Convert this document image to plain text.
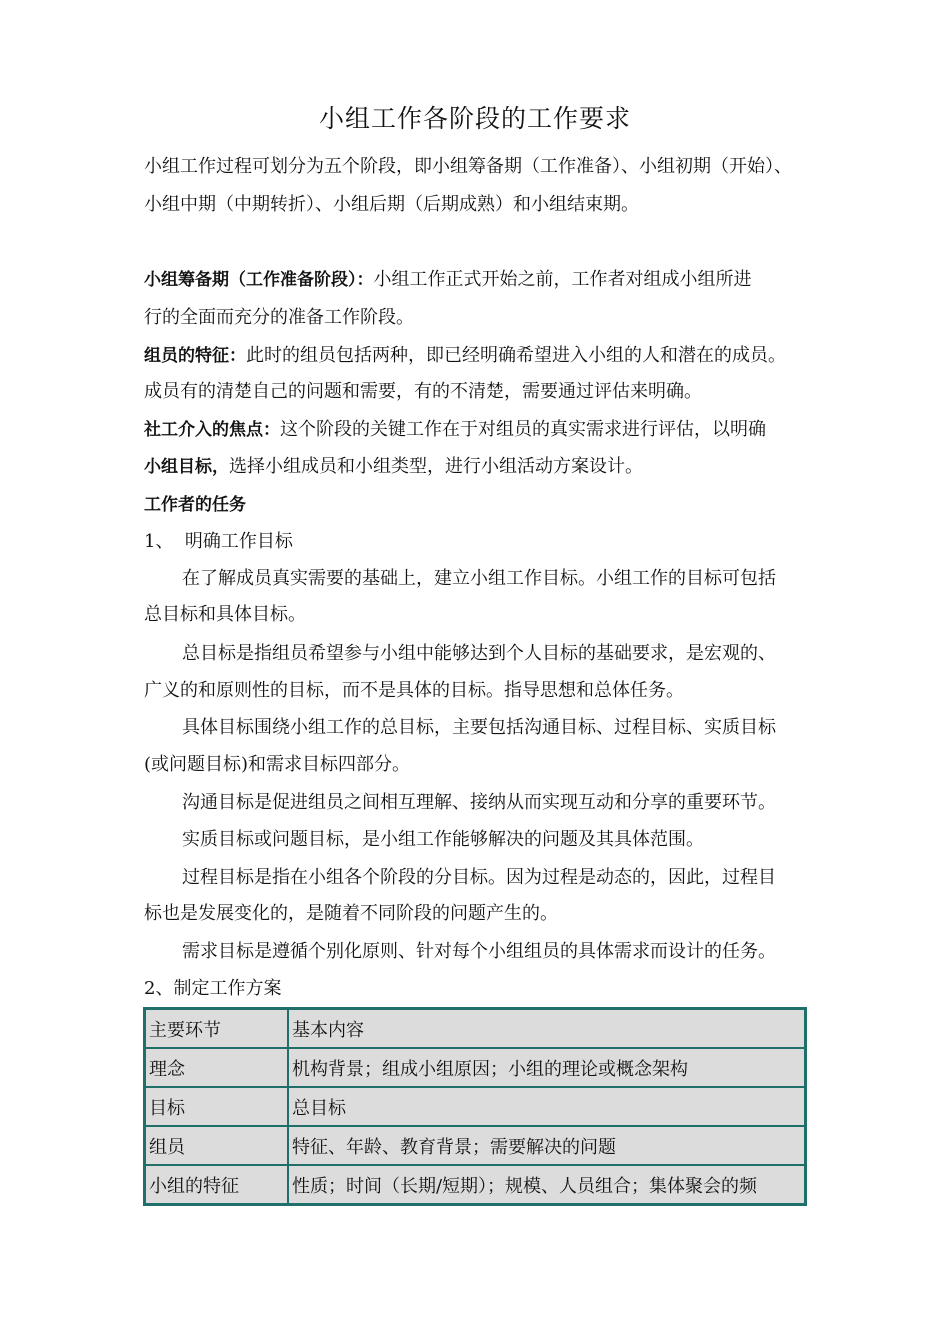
小组工作各阶段的工作要求
小组工作过程可划分为五个阶段，即小组筹备期（工作准备）、小组初期（开始）、
小组中期（中期转折）、小组后期（后期成熟）和小组结束期。
小组筹备期（工作准备阶段）：小组工作正式开始之前，工作者对组成小组所进
行的全面而充分的准备工作阶段。
组员的特征：此时的组员包括两种，即已经明确希望进入小组的人和潜在的成员。
成员有的清楚自己的问题和需要，有的不清楚，需要通过评估来明确。
社工介入的焦点：这个阶段的关键工作在于对组员的真实需求进行评估，以明确
小组目标，选择小组成员和小组类型，进行小组活动方案设计。
工作者的任务
1、  明确工作目标
在了解成员真实需要的基础上，建立小组工作目标。小组工作的目标可包括
总目标和具体目标。
总目标是指组员希望参与小组中能够达到个人目标的基础要求，是宏观的、
广义的和原则性的目标，而不是具体的目标。指导思想和总体任务。
具体目标围绕小组工作的总目标，主要包括沟通目标、过程目标、实质目标
(或问题目标)和需求目标四部分。
沟通目标是促进组员之间相互理解、接纳从而实现互动和分享的重要环节。
实质目标或问题目标，是小组工作能够解决的问题及其具体范围。
过程目标是指在小组各个阶段的分目标。因为过程是动态的，因此，过程目
标也是发展变化的，是随着不同阶段的问题产生的。
需求目标是遵循个别化原则、针对每个小组组员的具体需求而设计的任务。
2、制定工作方案
主要环节	基本内容
理念	机构背景；组成小组原因；小组的理论或概念架构
目标	总目标
组员	特征、年龄、教育背景；需要解决的问题
小组的特征	性质；时间（长期/短期）；规模、人员组合；集体聚会的频
